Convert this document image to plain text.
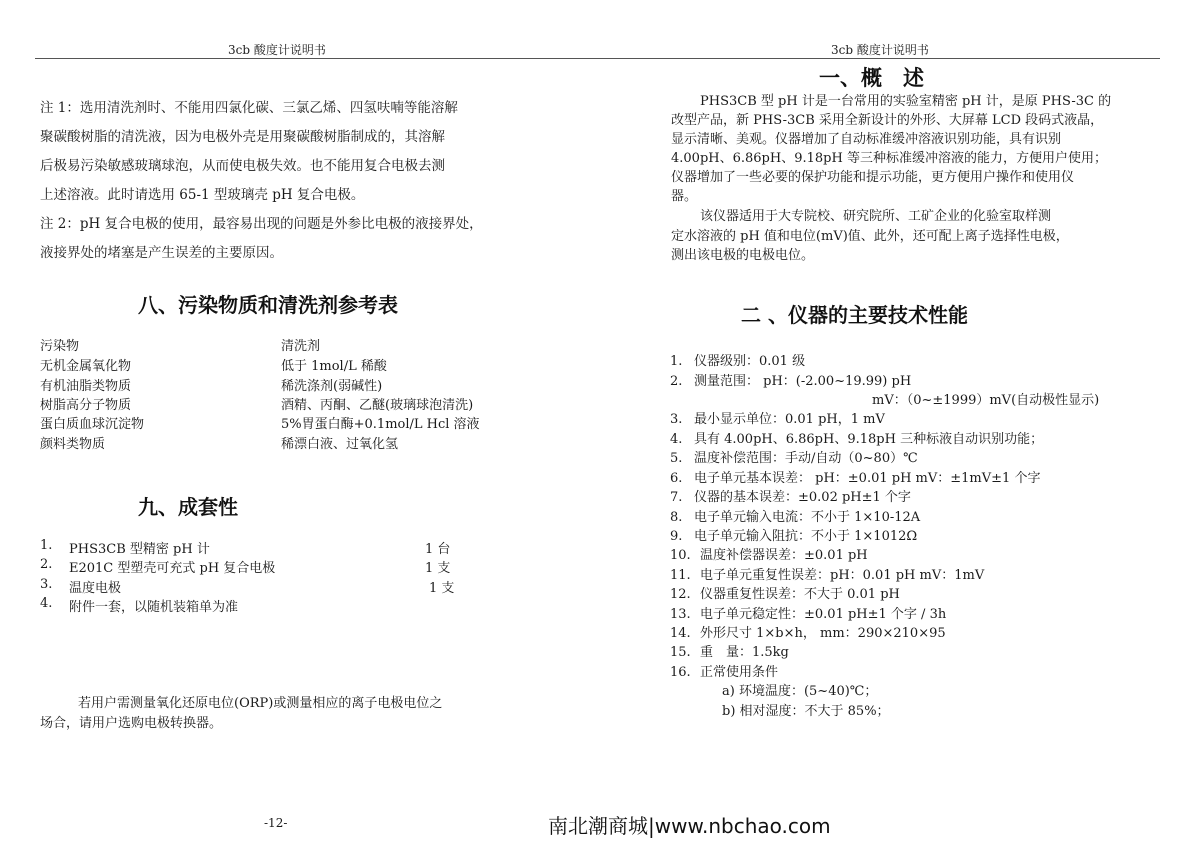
3cb 酸度计说明书	3cb 酸度计说明书
注 1：选用清洗剂时、不能用四氯化碳、三氯乙烯、四氢呋喃等能溶解
聚碳酸树脂的清洗液，因为电极外壳是用聚碳酸树脂制成的，其溶解
后极易污染敏感玻璃球泡，从而使电极失效。也不能用复合电极去测
上述溶液。此时请选用 65-1 型玻璃壳 pH 复合电极。
注 2：pH 复合电极的使用，最容易出现的问题是外参比电极的液接界处，
液接界处的堵塞是产生误差的主要原因。
八、污染物质和清洗剂参考表
污染物	清洗剂
无机金属氧化物	低于 1mol/L 稀酸
有机油脂类物质	稀洗涤剂(弱碱性)
树脂高分子物质	酒精、丙酮、乙醚(玻璃球泡清洗)
蛋白质血球沉淀物	5%胃蛋白酶+0.1mol/L Hcl 溶液
颜料类物质	稀漂白液、过氧化氢
九、成套性
1. PHS3CB 型精密 pH 计	1 台
2. E201C 型塑壳可充式 pH 复合电极	1 支
3. 温度电极	1 支
4. 附件一套，以随机装箱单为准
若用户需测量氧化还原电位(ORP)或测量相应的离子电极电位之
场合，请用户选购电极转换器。
-12-
一、概　述
PHS3CB 型 pH 计是一台常用的实验室精密 pH 计，是原 PHS-3C 的
改型产品，新 PHS-3CB 采用全新设计的外形、大屏幕 LCD 段码式液晶，
显示清晰、美观。仪器增加了自动标准缓冲溶液识别功能，具有识别
4.00pH、6.86pH、9.18pH 等三种标准缓冲溶液的能力，方便用户使用；
仪器增加了一些必要的保护功能和提示功能，更方便用户操作和使用仪
器。
该仪器适用于大专院校、研究院所、工矿企业的化验室取样测
定水溶液的 pH 值和电位(mV)值、此外，还可配上离子选择性电极，
测出该电极的电极电位。
二 、仪器的主要技术性能
1. 仪器级别：0.01 级
2. 测量范围： pH：(-2.00~19.99) pH
mV：（0~±1999）mV(自动极性显示)
3. 最小显示单位：0.01 pH，1 mV
4. 具有 4.00pH、6.86pH、9.18pH 三种标液自动识别功能；
5. 温度补偿范围：手动/自动（0~80）℃
6. 电子单元基本误差： pH：±0.01 pH mV：±1mV±1 个字
7. 仪器的基本误差：±0.02 pH±1 个字
8. 电子单元输入电流：不小于 1×10-12A
9. 电子单元输入阻抗：不小于 1×1012Ω
10. 温度补偿器误差：±0.01 pH
11. 电子单元重复性误差：pH：0.01 pH mV：1mV
12. 仪器重复性误差：不大于 0.01 pH
13. 电子单元稳定性：±0.01 pH±1 个字 / 3h
14. 外形尺寸 1×b×h， mm：290×210×95
15. 重　量：1.5kg
16. 正常使用条件
a) 环境温度：(5~40)℃；
b) 相对湿度：不大于 85%；
南北潮商城|www.nbchao.com
